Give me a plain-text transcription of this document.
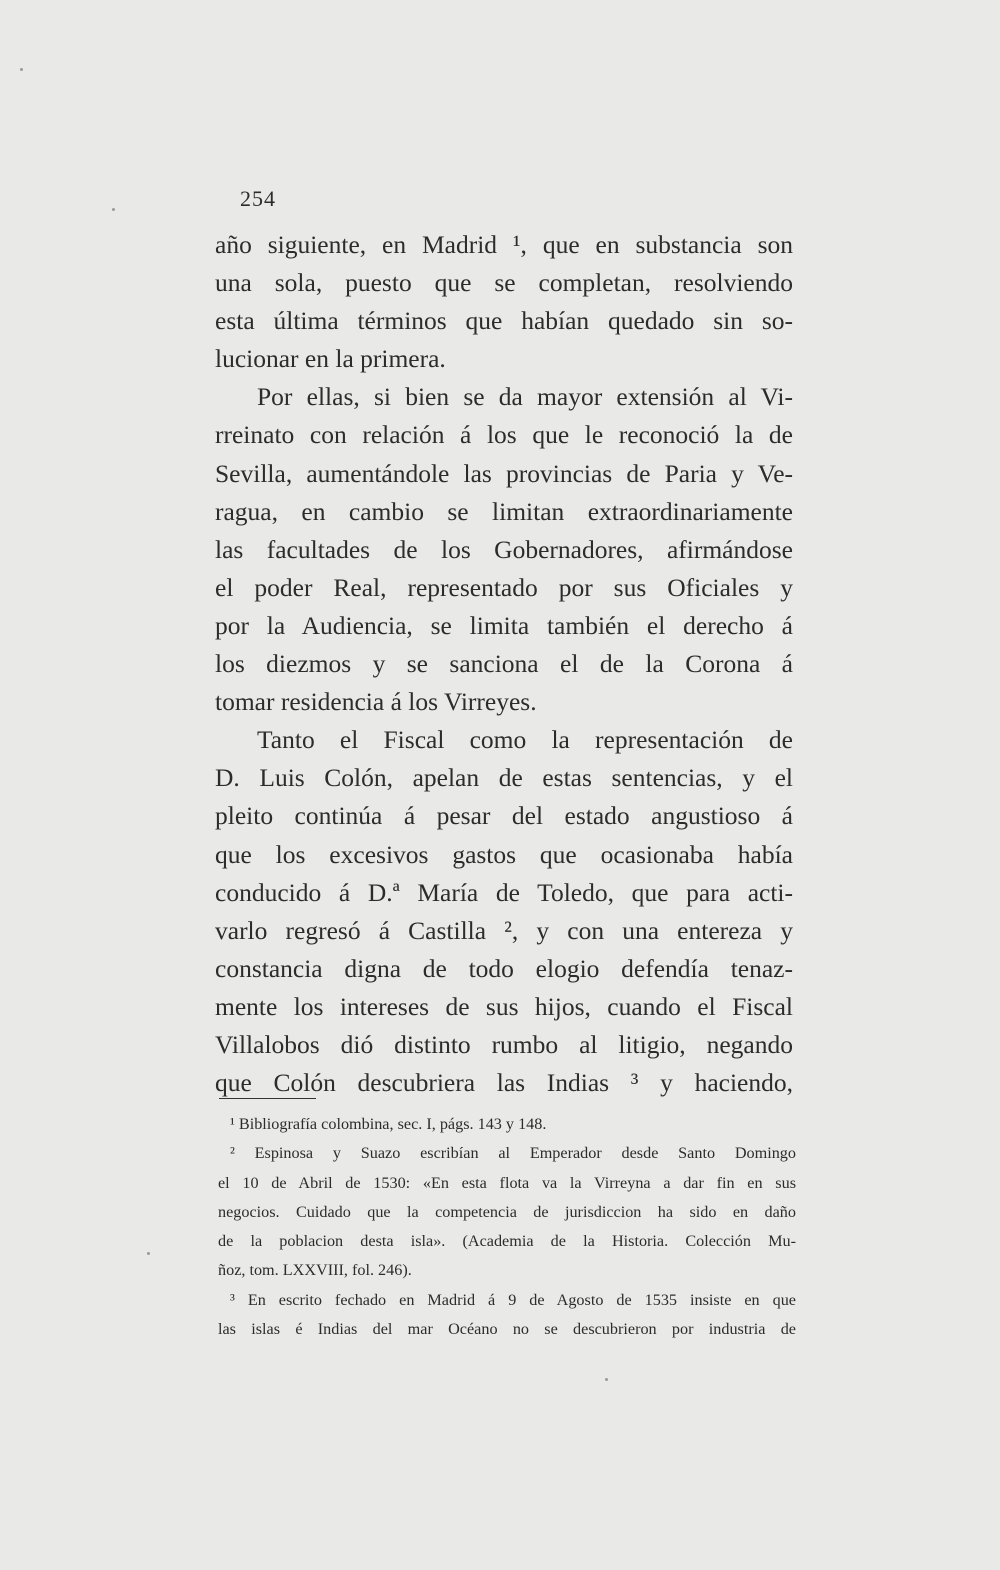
254
año siguiente, en Madrid ¹, que en substancia son
una sola, puesto que se completan, resolviendo
esta última términos que habían quedado sin so-
lucionar en la primera.
Por ellas, si bien se da mayor extensión al Vi-
rreinato con relación á los que le reconoció la de
Sevilla, aumentándole las provincias de Paria y Ve-
ragua, en cambio se limitan extraordinariamente
las facultades de los Gobernadores, afirmándose
el poder Real, representado por sus Oficiales y
por la Audiencia, se limita también el derecho á
los diezmos y se sanciona el de la Corona á
tomar residencia á los Virreyes.
Tanto el Fiscal como la representación de
D. Luis Colón, apelan de estas sentencias, y el
pleito continúa á pesar del estado angustioso á
que los excesivos gastos que ocasionaba había
conducido á D.ª María de Toledo, que para acti-
varlo regresó á Castilla ², y con una entereza y
constancia digna de todo elogio defendía tenaz-
mente los intereses de sus hijos, cuando el Fiscal
Villalobos dió distinto rumbo al litigio, negando
que Colón descubriera las Indias ³ y haciendo,
¹ Bibliografía colombina, sec. I, págs. 143 y 148.
² Espinosa y Suazo escribían al Emperador desde Santo Domingo
el 10 de Abril de 1530: «En esta flota va la Virreyna a dar fin en sus
negocios. Cuidado que la competencia de jurisdiccion ha sido en daño
de la poblacion desta isla». (Academia de la Historia. Colección Mu-
ñoz, tom. LXXVIII, fol. 246).
³ En escrito fechado en Madrid á 9 de Agosto de 1535 insiste en que
las islas é Indias del mar Océano no se descubrieron por industria de
